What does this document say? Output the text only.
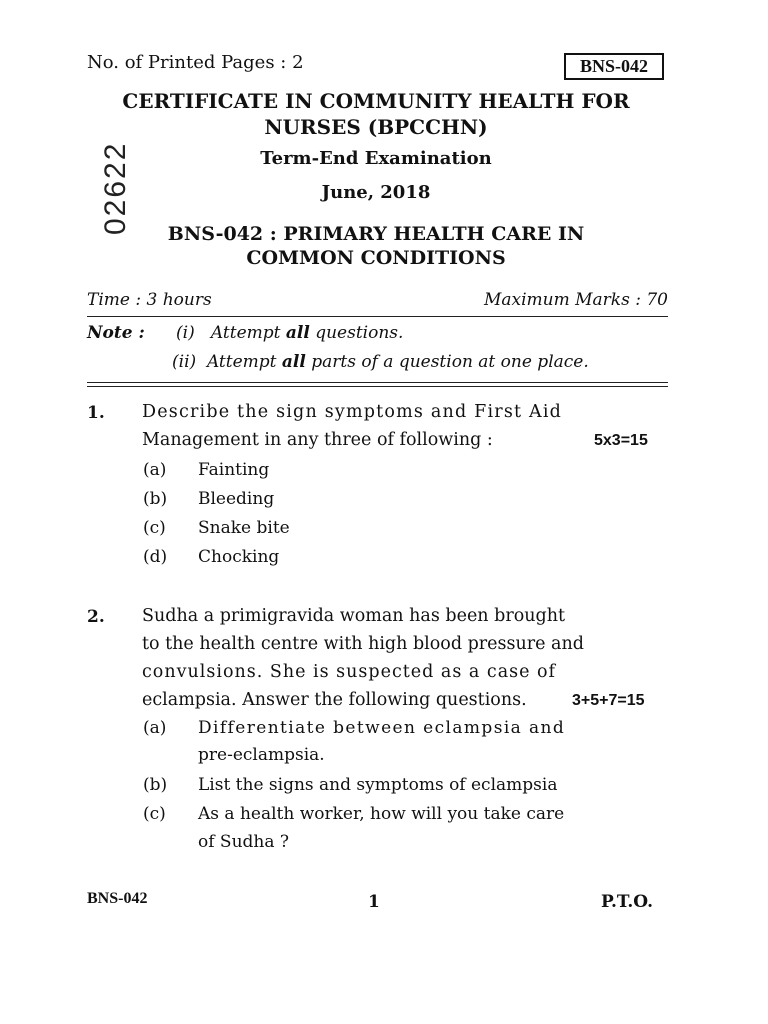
No. of Printed Pages : 2	BNS-042
CERTIFICATE IN COMMUNITY HEALTH FOR
NURSES (BPCCHN)
02622	Term-End Examination
June, 2018
BNS-042 : PRIMARY HEALTH CARE IN
COMMON CONDITIONS
Time : 3 hours	Maximum Marks : 70
Note : (i) Attempt all questions.
(ii) Attempt all parts of a question at one place.
1. Describe the sign symptoms and First Aid
Management in any three of following :	5x3=15
(a) Fainting
(b) Bleeding
(c) Snake bite
(d) Chocking
2. Sudha a primigravida woman has been brought
to the health centre with high blood pressure and
convulsions. She is suspected as a case of
eclampsia. Answer the following questions.	3+5+7=15
(a) Differentiate between eclampsia and
pre-eclampsia.
(b) List the signs and symptoms of eclampsia
(c) As a health worker, how will you take care
of Sudha ?
BNS-042	1	P.T.O.
